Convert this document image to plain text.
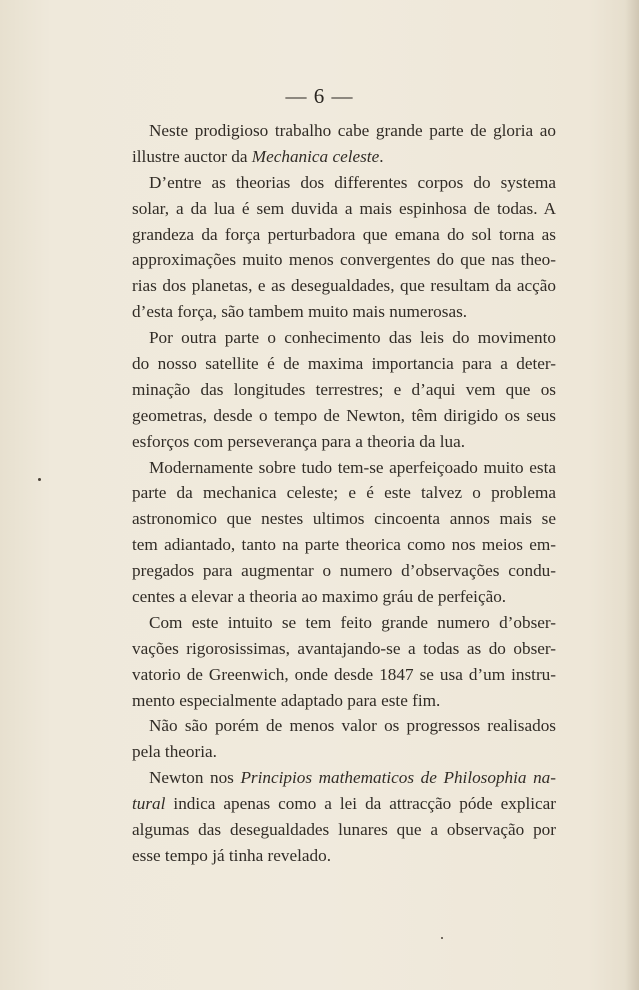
— 6 —
Neste prodigioso trabalho cabe grande parte de gloria ao
illustre auctor da Mechanica celeste.
D’entre as theorias dos differentes corpos do systema
solar, a da lua é sem duvida a mais espinhosa de todas. A
grandeza da força perturbadora que emana do sol torna as
approximações muito menos convergentes do que nas theo-
rias dos planetas, e as desegualdades, que resultam da acção
d’esta força, são tambem muito mais numerosas.
Por outra parte o conhecimento das leis do movimento
do nosso satellite é de maxima importancia para a deter-
minação das longitudes terrestres; e d’aqui vem que os
geometras, desde o tempo de Newton, têm dirigido os seus
esforços com perseverança para a theoria da lua.
Modernamente sobre tudo tem-se aperfeiçoado muito esta
parte da mechanica celeste; e é este talvez o problema
astronomico que nestes ultimos cincoenta annos mais se
tem adiantado, tanto na parte theorica como nos meios em-
pregados para augmentar o numero d’observações condu-
centes a elevar a theoria ao maximo gráu de perfeição.
Com este intuito se tem feito grande numero d’obser-
vações rigorosissimas, avantajando-se a todas as do obser-
vatorio de Greenwich, onde desde 1847 se usa d’um instru-
mento especialmente adaptado para este fim.
Não são porém de menos valor os progressos realisados
pela theoria.
Newton nos Principios mathematicos de Philosophia na-
tural indica apenas como a lei da attracção póde explicar
algumas das desegualdades lunares que a observação por
esse tempo já tinha revelado.
